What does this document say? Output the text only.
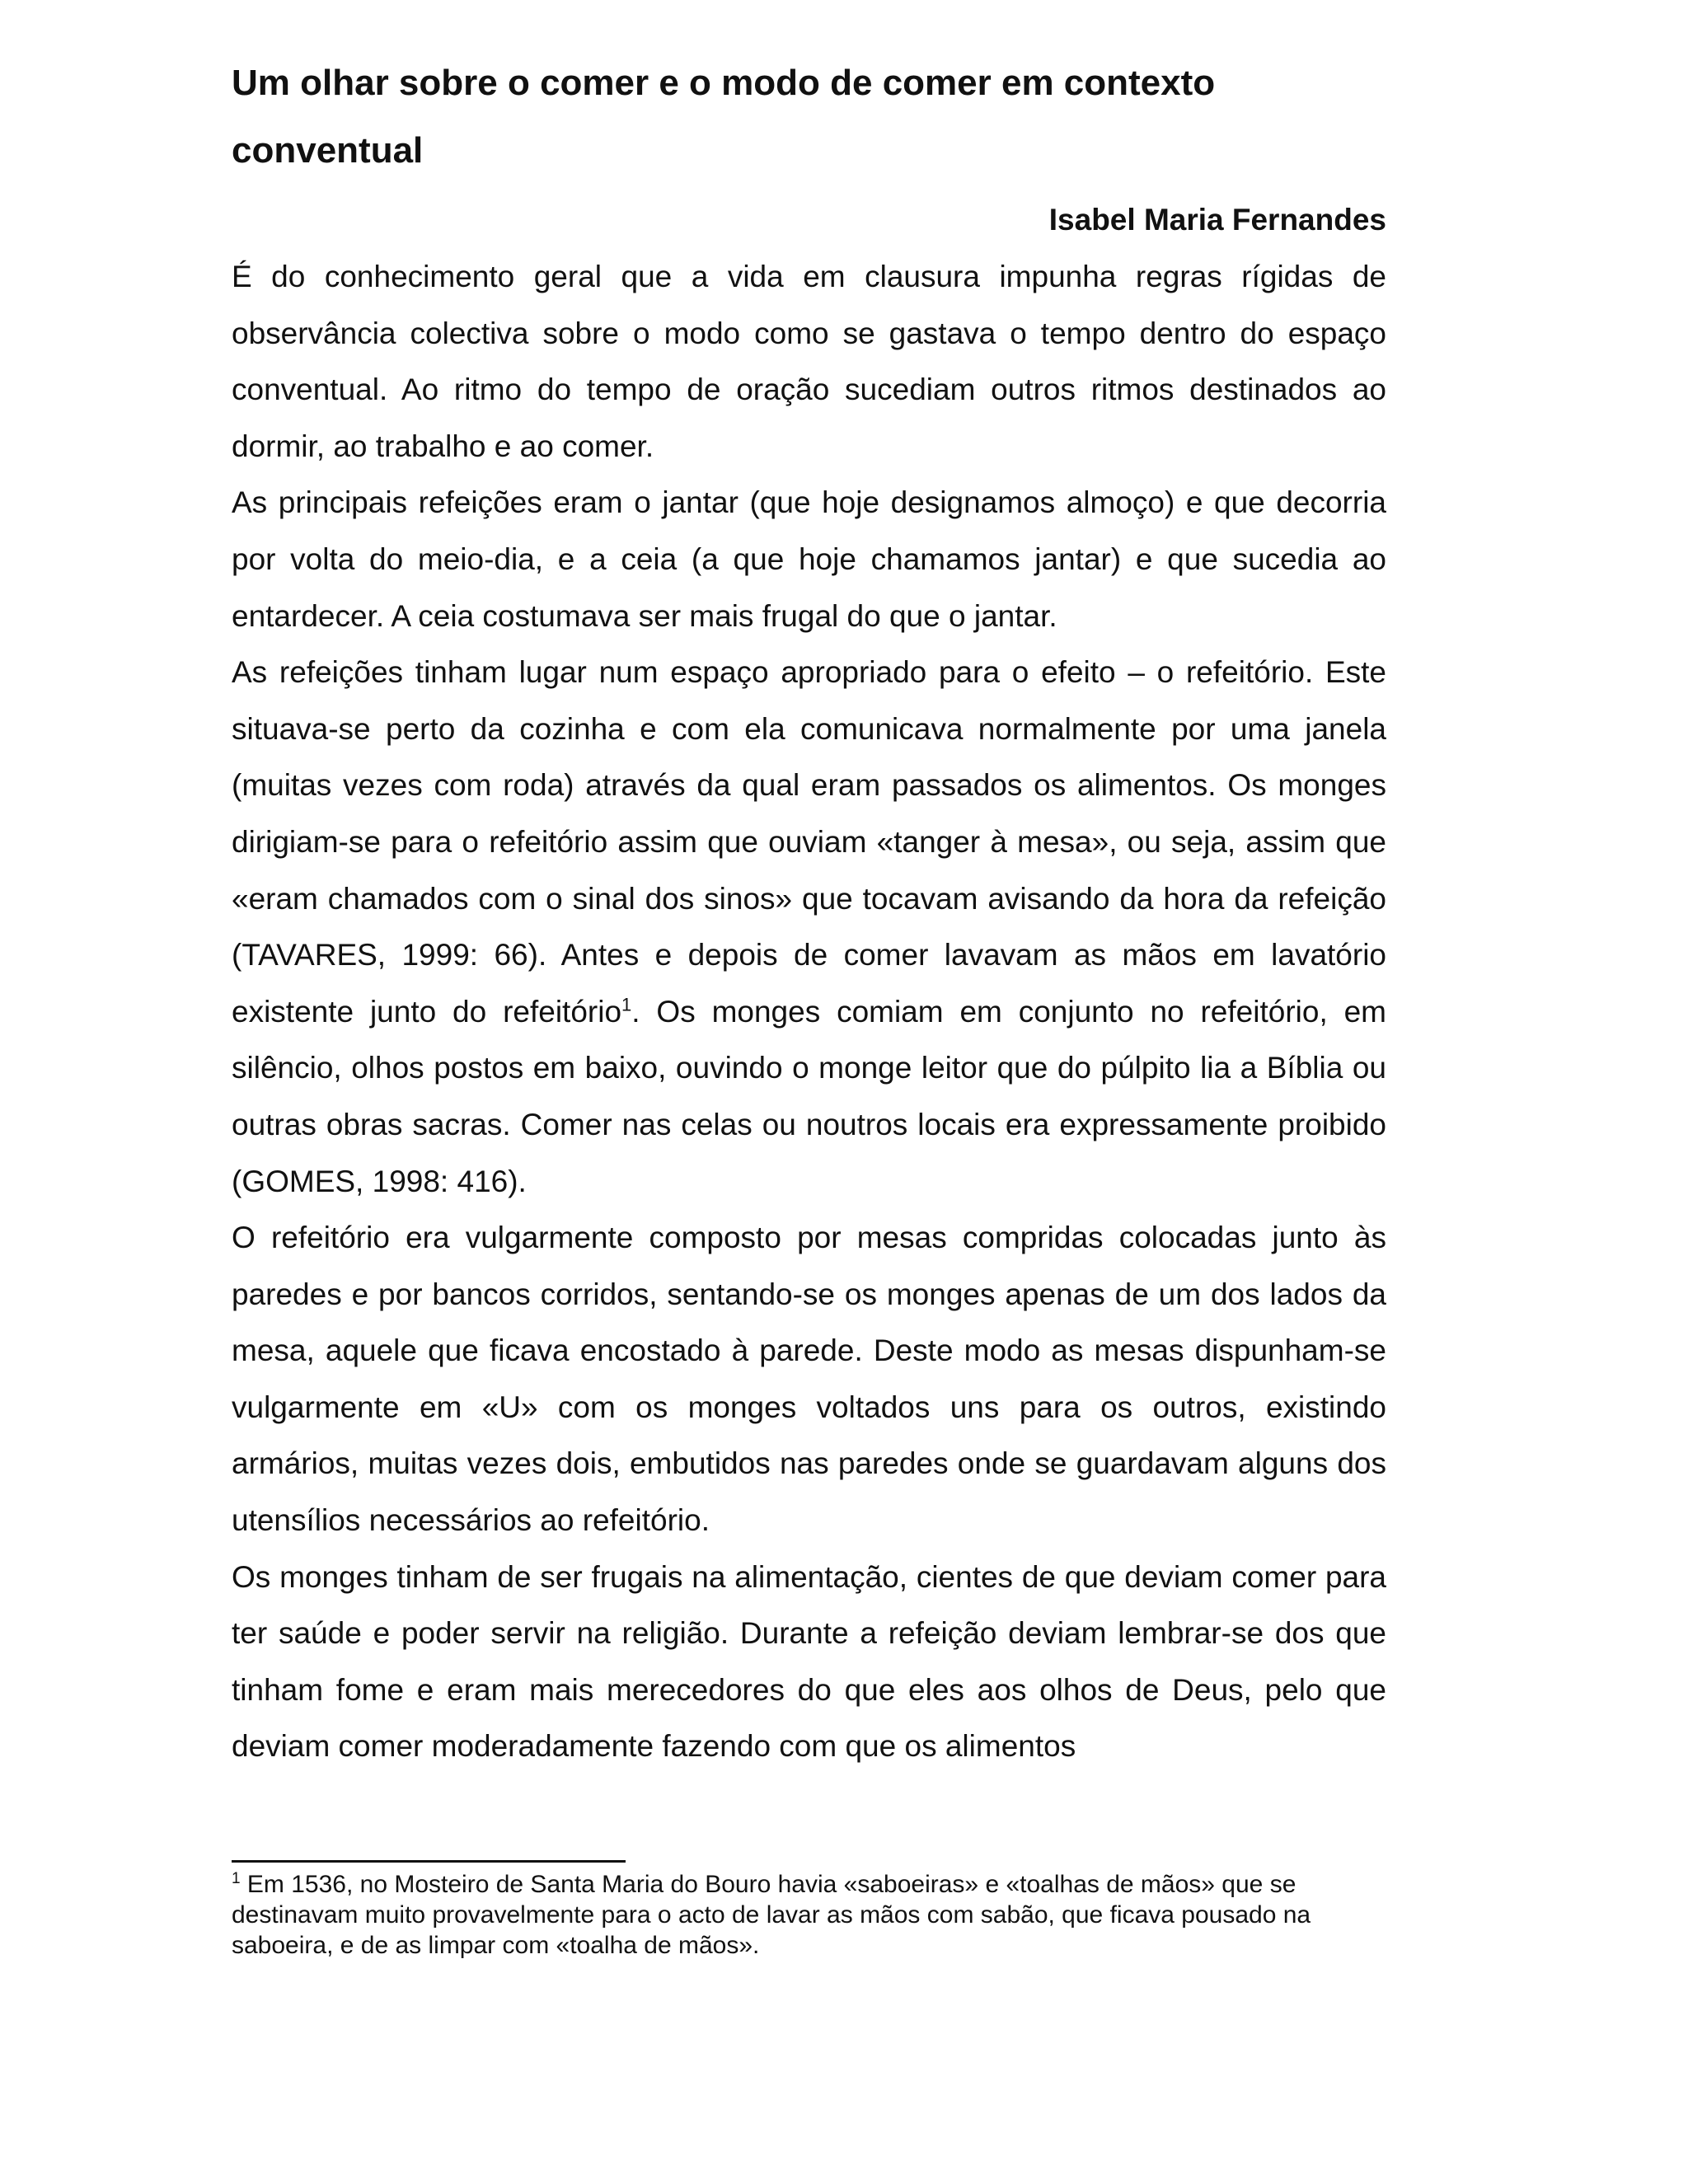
Um olhar sobre o comer e o modo de comer em contexto conventual
Isabel Maria Fernandes

É do conhecimento geral que a vida em clausura impunha regras rígidas de observância colectiva sobre o modo como se gastava o tempo dentro do espaço conventual. Ao ritmo do tempo de oração sucediam outros ritmos destinados ao dormir, ao trabalho e ao comer.

As principais refeições eram o jantar (que hoje designamos almoço) e que decorria por volta do meio-dia, e a ceia (a que hoje chamamos jantar) e que sucedia ao entardecer. A ceia costumava ser mais frugal do que o jantar.

As refeições tinham lugar num espaço apropriado para o efeito – o refeitório. Este situava-se perto da cozinha e com ela comunicava normalmente por uma janela (muitas vezes com roda) através da qual eram passados os alimentos. Os monges dirigiam-se para o refeitório assim que ouviam «tanger à mesa», ou seja, assim que «eram chamados com o sinal dos sinos» que tocavam avisando da hora da refeição (TAVARES, 1999: 66). Antes e depois de comer lavavam as mãos em lavatório existente junto do refeitório$^1$. Os monges comiam em conjunto no refeitório, em silêncio, olhos postos em baixo, ouvindo o monge leitor que do púlpito lia a Bíblia ou outras obras sacras. Comer nas celas ou noutros locais era expressamente proibido (GOMES, 1998: 416).

O refeitório era vulgarmente composto por mesas compridas colocadas junto às paredes e por bancos corridos, sentando-se os monges apenas de um dos lados da mesa, aquele que ficava encostado à parede. Deste modo as mesas dispunham-se vulgarmente em «U» com os monges voltados uns para os outros, existindo armários, muitas vezes dois, embutidos nas paredes onde se guardavam alguns dos utensílios necessários ao refeitório.

Os monges tinham de ser frugais na alimentação, cientes de que deviam comer para ter saúde e poder servir na religião. Durante a refeição deviam lembrar-se dos que tinham fome e eram mais merecedores do que eles aos olhos de Deus, pelo que deviam comer moderadamente fazendo com que os alimentos

$^1$ Em 1536, no Mosteiro de Santa Maria do Bouro havia «saboeiras» e «toalhas de mãos» que se destinavam muito provavelmente para o acto de lavar as mãos com sabão, que ficava pousado na saboeira, e de as limpar com «toalha de mãos».
